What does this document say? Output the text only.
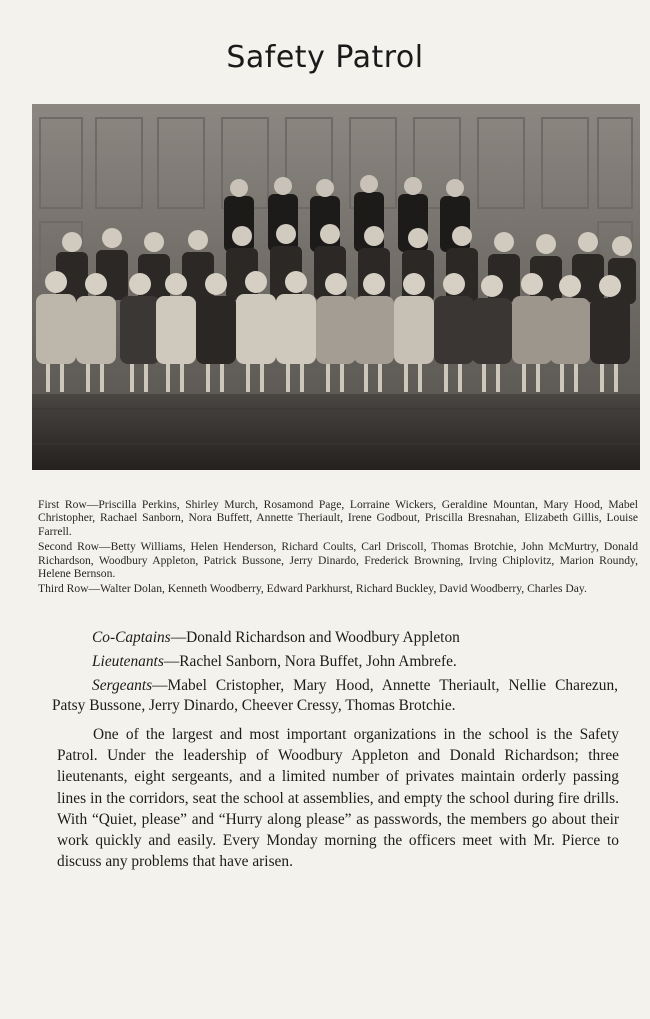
Safety Patrol

First Row—Priscilla Perkins, Shirley Murch, Rosamond Page, Lorraine Wickers, Geraldine Mountan, Mary Hood, Mabel Christopher, Rachael Sanborn, Nora Buffett, Annette Theriault, Irene Godbout, Priscilla Bresnahan, Elizabeth Gillis, Louise Farrell.

Second Row—Betty Williams, Helen Henderson, Richard Coults, Carl Driscoll, Thomas Brotchie, John McMurtry, Donald Richardson, Woodbury Appleton, Patrick Bussone, Jerry Dinardo, Frederick Browning, Irving Chiplovitz, Marion Roundy, Helene Bernson.

Third Row—Walter Dolan, Kenneth Woodberry, Edward Parkhurst, Richard Buckley, David Woodberry, Charles Day.

Co-Captains—Donald Richardson and Woodbury Appleton

Lieutenants—Rachel Sanborn, Nora Buffet, John Ambrefe.

Sergeants—Mabel Cristopher, Mary Hood, Annette Theriault, Nellie Charezun, Patsy Bussone, Jerry Dinardo, Cheever Cressy, Thomas Brotchie.

One of the largest and most important organizations in the school is the Safety Patrol. Under the leadership of Woodbury Appleton and Donald Richardson; three lieutenants, eight sergeants, and a limited number of privates maintain orderly passing lines in the corridors, seat the school at assemblies, and empty the school during fire drills. With “Quiet, please” and “Hurry along please” as passwords, the members go about their work quickly and easily. Every Monday morning the officers meet with Mr. Pierce to discuss any problems that have arisen.
